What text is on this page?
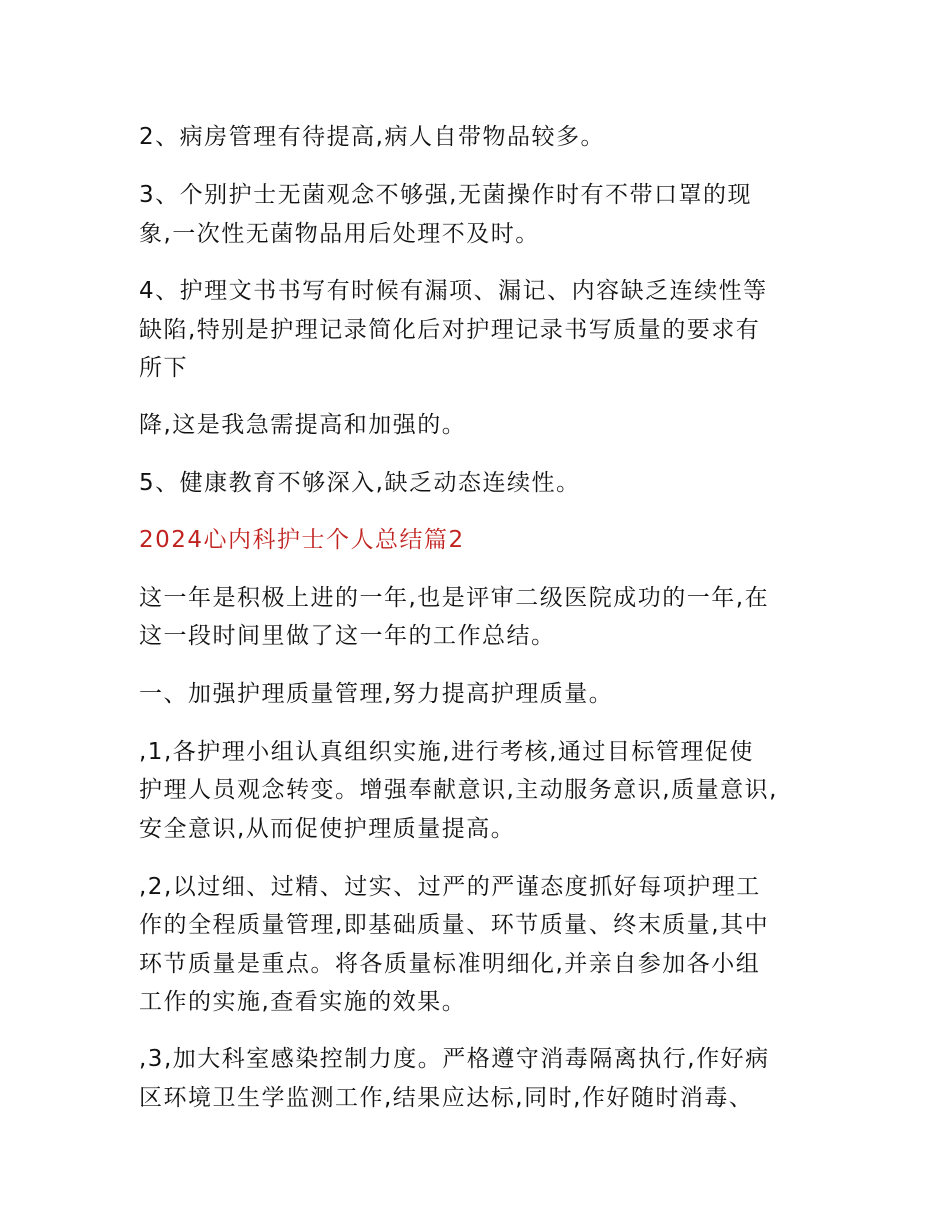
2、病房管理有待提高,病人自带物品较多。
3、个别护士无菌观念不够强,无菌操作时有不带口罩的现
象,一次性无菌物品用后处理不及时。
4、护理文书书写有时候有漏项、漏记、内容缺乏连续性等
缺陷,特别是护理记录简化后对护理记录书写质量的要求有
所下
降,这是我急需提高和加强的。
5、健康教育不够深入,缺乏动态连续性。
2024心内科护士个人总结篇2
这一年是积极上进的一年,也是评审二级医院成功的一年,在
这一段时间里做了这一年的工作总结。
一、加强护理质量管理,努力提高护理质量。
,1,各护理小组认真组织实施,进行考核,通过目标管理促使
护理人员观念转变。增强奉献意识,主动服务意识,质量意识,
安全意识,从而促使护理质量提高。
,2,以过细、过精、过实、过严的严谨态度抓好每项护理工
作的全程质量管理,即基础质量、环节质量、终末质量,其中
环节质量是重点。将各质量标准明细化,并亲自参加各小组
工作的实施,查看实施的效果。
,3,加大科室感染控制力度。严格遵守消毒隔离执行,作好病
区环境卫生学监测工作,结果应达标,同时,作好随时消毒、
